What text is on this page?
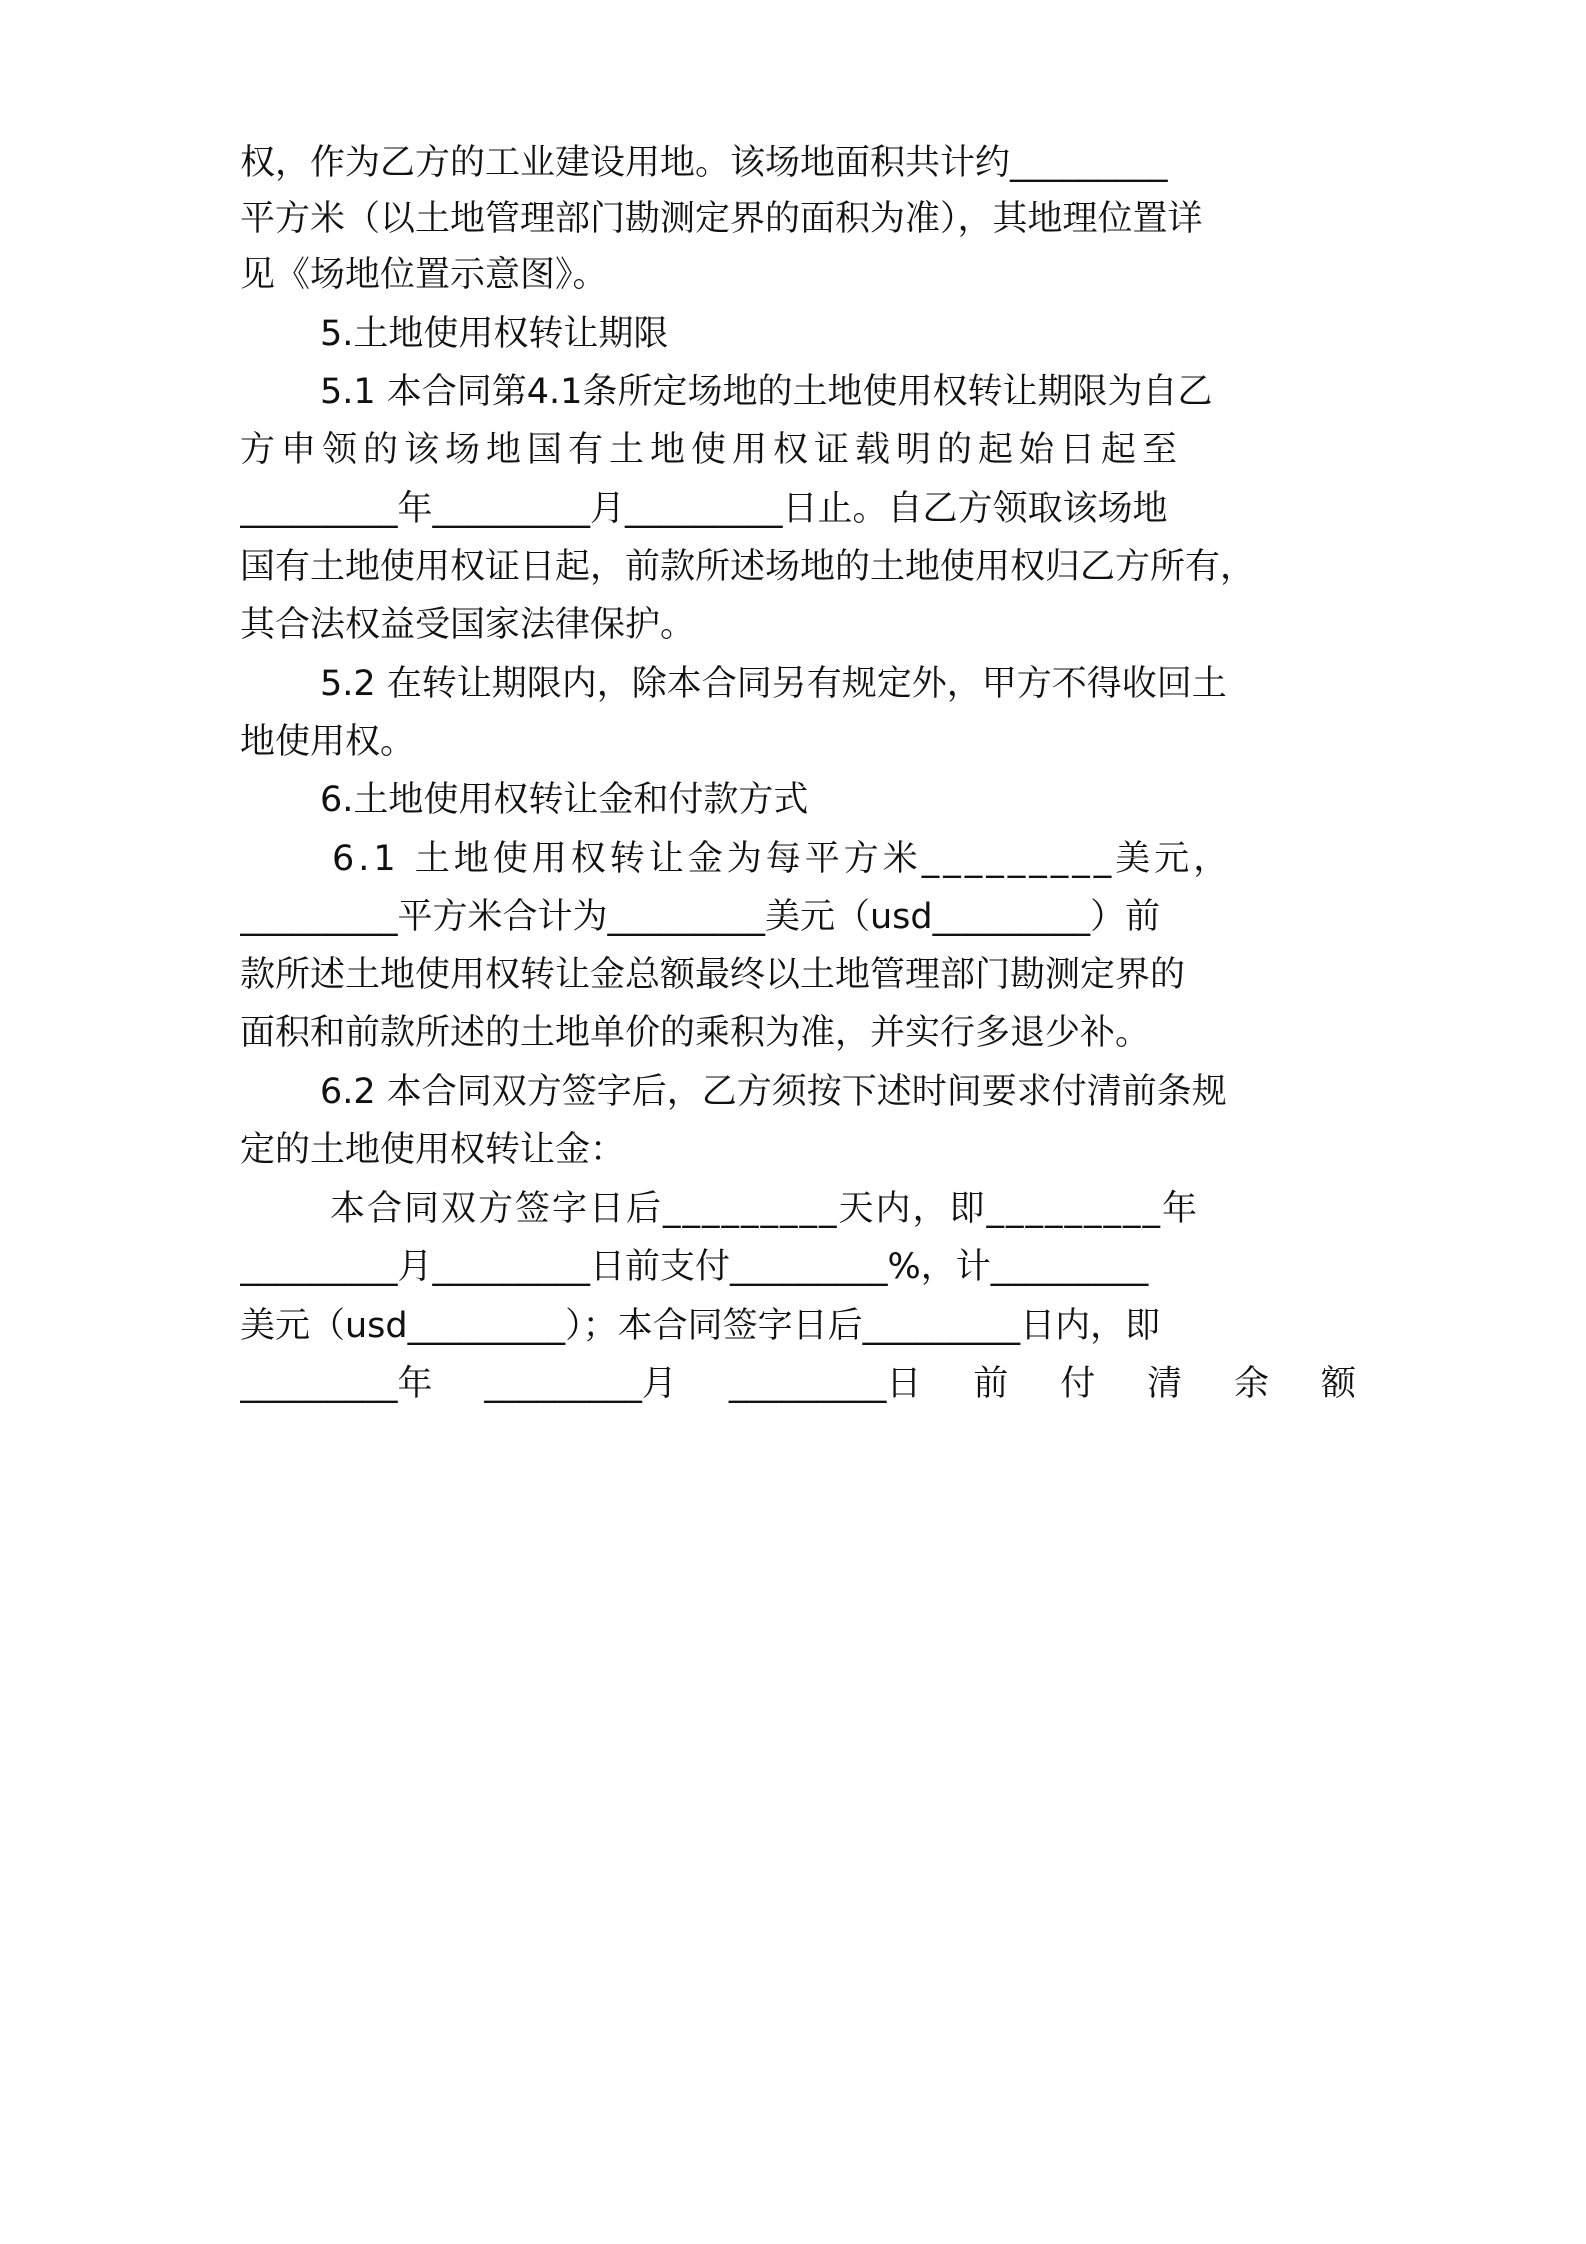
权，作为乙方的工业建设用地。该场地面积共计约_________
平方米（以土地管理部门勘测定界的面积为准），其地理位置详
见《场地位置示意图》。
5.土地使用权转让期限
5.1 本合同第4.1条所定场地的土地使用权转让期限为自乙
方申领的该场地国有土地使用权证载明的起始日起至
_________年_________月_________日止。自乙方领取该场地
国有土地使用权证日起，前款所述场地的土地使用权归乙方所有，
其合法权益受国家法律保护。
5.2 在转让期限内，除本合同另有规定外，甲方不得收回土
地使用权。
6.土地使用权转让金和付款方式
6.1 土地使用权转让金为每平方米_________美元，
_________平方米合计为_________美元（usd_________）前
款所述土地使用权转让金总额最终以土地管理部门勘测定界的
面积和前款所述的土地单价的乘积为准，并实行多退少补。
6.2 本合同双方签字后，乙方须按下述时间要求付清前条规
定的土地使用权转让金：
本合同双方签字日后_________天内，即_________年
_________月_________日前支付_________%，计_________
美元（usd_________）；本合同签字日后_________日内，即
_________年 _________月 _________日 前 付 清 余 额
